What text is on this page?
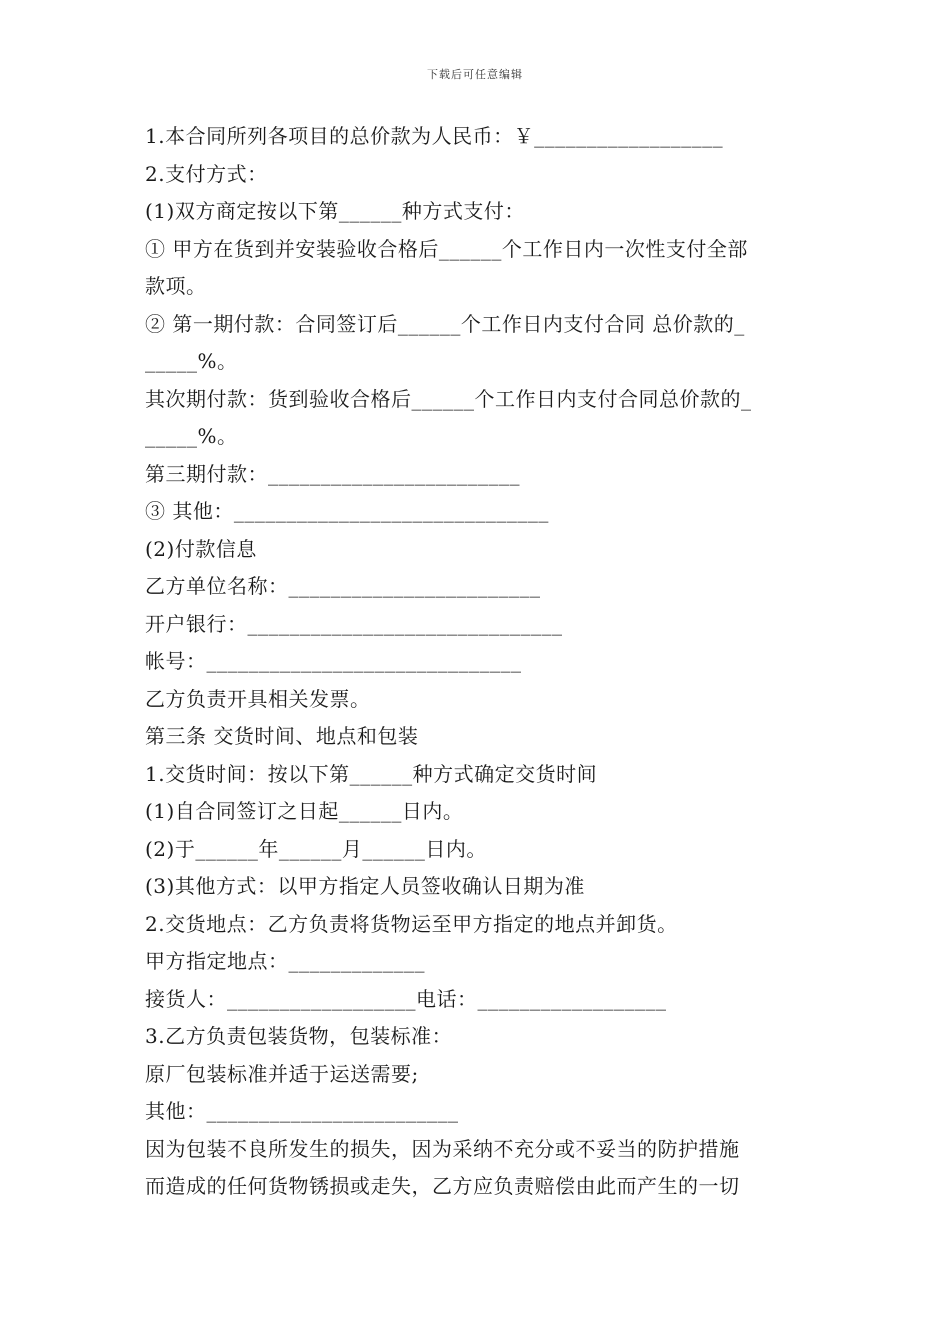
下载后可任意编辑
1.本合同所列各项目的总价款为人民币：￥__________________
2.支付方式：
(1)双方商定按以下第______种方式支付：
① 甲方在货到并安装验收合格后______个工作日内一次性支付全部
款项。
② 第一期付款：合同签订后______个工作日内支付合同 总价款的_
_____%。
其次期付款：货到验收合格后______个工作日内支付合同总价款的_
_____%。
第三期付款：________________________
③ 其他：______________________________
(2)付款信息
乙方单位名称：________________________
开户银行：______________________________
帐号：______________________________
乙方负责开具相关发票。
第三条 交货时间、地点和包装
1.交货时间：按以下第______种方式确定交货时间
(1)自合同签订之日起______日内。
(2)于______年______月______日内。
(3)其他方式：以甲方指定人员签收确认日期为准
2.交货地点：乙方负责将货物运至甲方指定的地点并卸货。
甲方指定地点：_____________
接货人：__________________电话：__________________
3.乙方负责包装货物，包装标准：
原厂包装标准并适于运送需要;
其他：________________________
因为包装不良所发生的损失，因为采纳不充分或不妥当的防护措施
而造成的任何货物锈损或走失，乙方应负责赔偿由此而产生的一切
